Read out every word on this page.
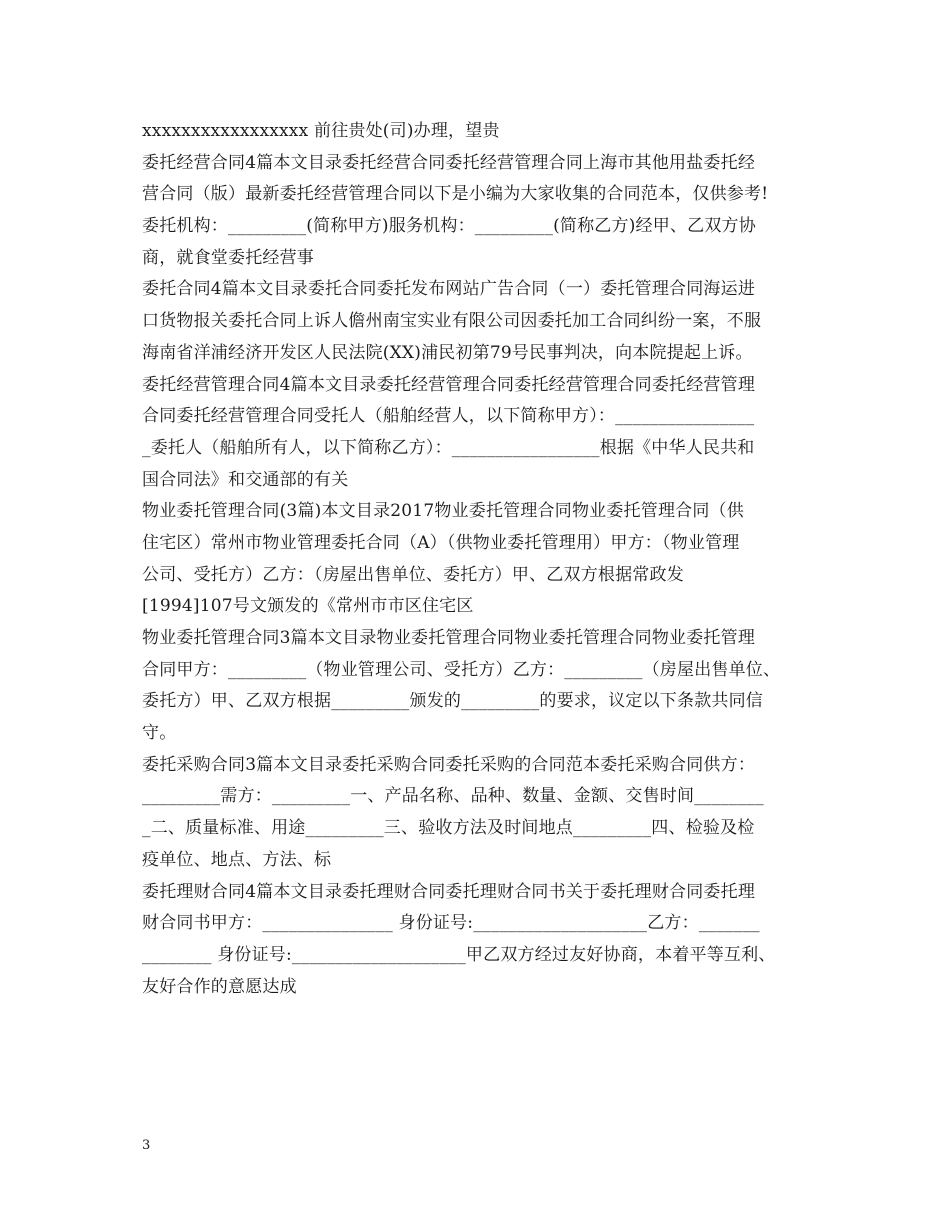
xxxxxxxxxxxxxxxxx 前往贵处(司)办理，望贵
委托经营合同4篇本文目录委托经营合同委托经营管理合同上海市其他用盐委托经
营合同（版）最新委托经营管理合同以下是小编为大家收集的合同范本，仅供参考!
委托机构：_________(简称甲方)服务机构：_________(简称乙方)经甲、乙双方协
商，就食堂委托经营事
委托合同4篇本文目录委托合同委托发布网站广告合同（一）委托管理合同海运进
口货物报关委托合同上诉人儋州南宝实业有限公司因委托加工合同纠纷一案，不服
海南省洋浦经济开发区人民法院(XX)浦民初第79号民事判决，向本院提起上诉。
委托经营管理合同4篇本文目录委托经营管理合同委托经营管理合同委托经营管理
合同委托经营管理合同受托人（船舶经营人，以下简称甲方）：________________
_委托人（船舶所有人，以下简称乙方）：_________________根据《中华人民共和
国合同法》和交通部的有关
物业委托管理合同(3篇)本文目录2017物业委托管理合同物业委托管理合同（供
住宅区）常州市物业管理委托合同（A）（供物业委托管理用）甲方：（物业管理
公司、受托方）乙方：（房屋出售单位、委托方）甲、乙双方根据常政发
[1994]107号文颁发的《常州市市区住宅区
物业委托管理合同3篇本文目录物业委托管理合同物业委托管理合同物业委托管理
合同甲方：_________（物业管理公司、受托方）乙方：_________（房屋出售单位、
委托方）甲、乙双方根据_________颁发的_________的要求，议定以下条款共同信
守。
委托采购合同3篇本文目录委托采购合同委托采购的合同范本委托采购合同供方：
_________需方：_________一、产品名称、品种、数量、金额、交售时间________
_二、质量标准、用途_________三、验收方法及时间地点_________四、检验及检
疫单位、地点、方法、标
委托理财合同4篇本文目录委托理财合同委托理财合同书关于委托理财合同委托理
财合同书甲方：_______________ 身份证号:____________________乙方：_______
________ 身份证号:____________________甲乙双方经过友好协商，本着平等互利、
友好合作的意愿达成
3
